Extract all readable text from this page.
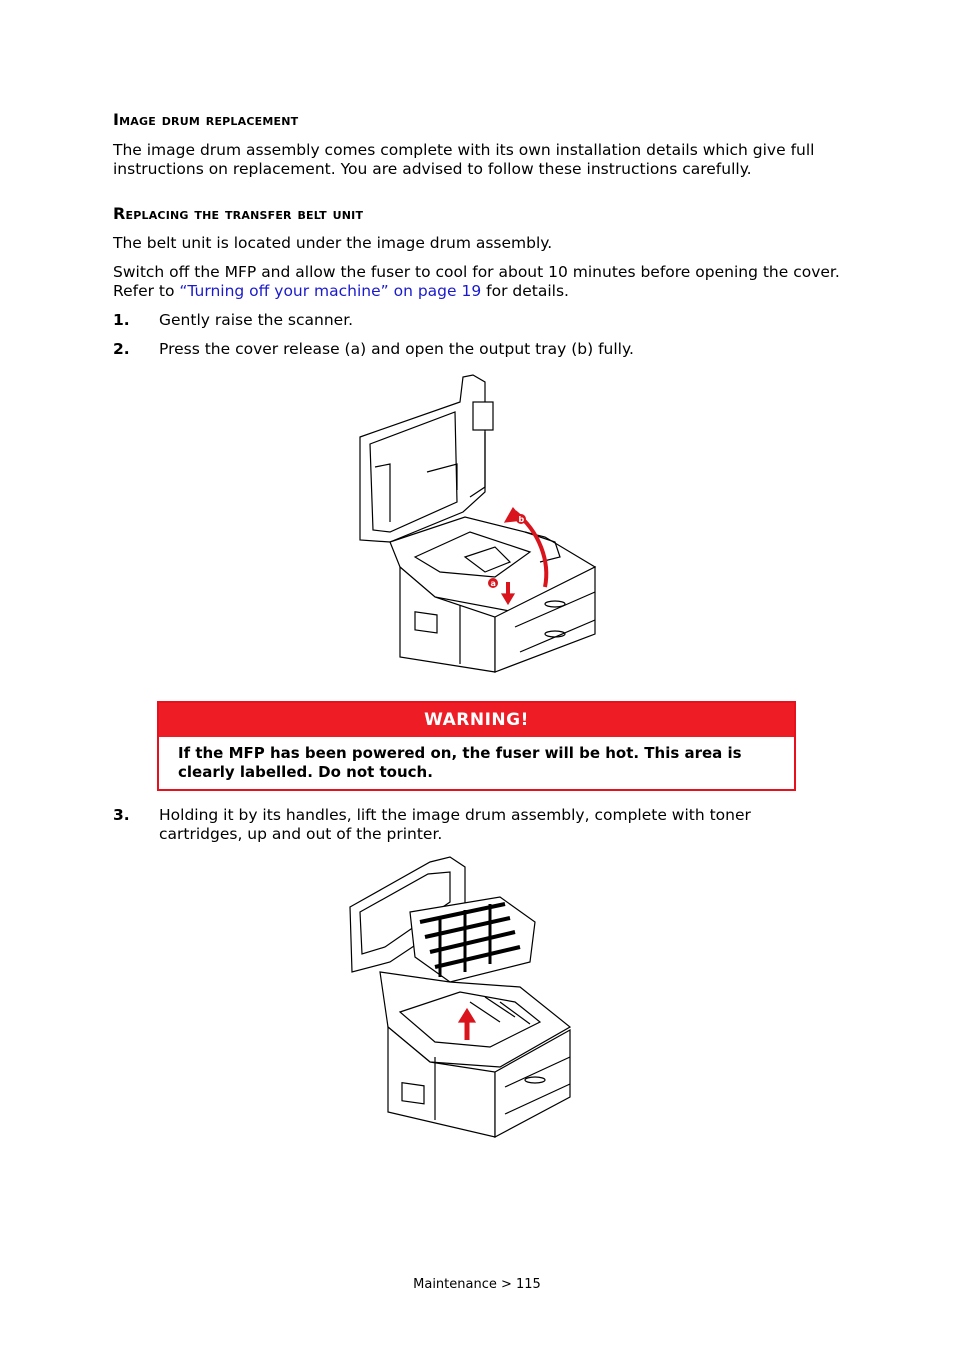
Image drum replacement
The image drum assembly comes complete with its own installation details which give full instructions on replacement. You are advised to follow these instructions carefully.
Replacing the transfer belt unit
The belt unit is located under the image drum assembly.
Switch off the MFP and allow the fuser to cool for about 10 minutes before opening the cover. Refer to “Turning off your machine” on page 19 for details.
1. Gently raise the scanner.
2. Press the cover release (a) and open the output tray (b) fully.
b
a
WARNING!
If the MFP has been powered on, the fuser will be hot. This area is clearly labelled. Do not touch.
3. Holding it by its handles, lift the image drum assembly, complete with toner cartridges, up and out of the printer.
Maintenance > 115
